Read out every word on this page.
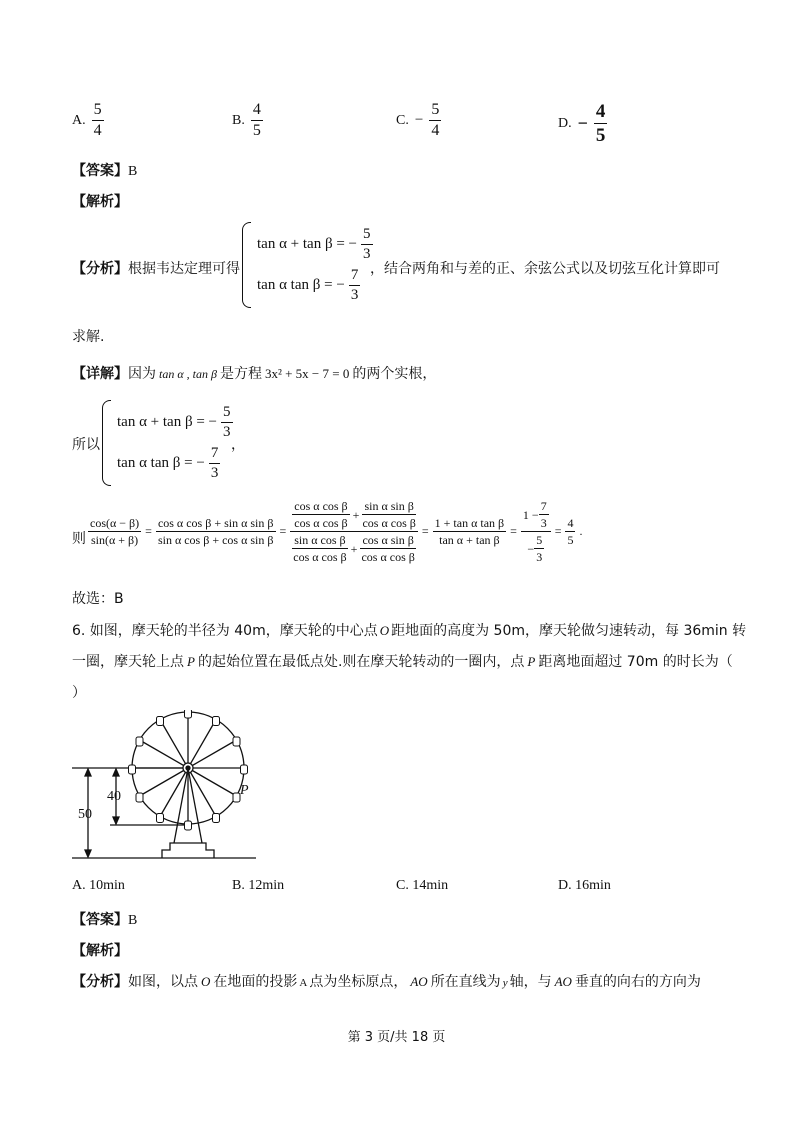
A. $\frac{5}{4}$	B. $\frac{4}{5}$	C. − $\frac{5}{4}$	D. − $\frac{4}{5}$
【答案】B
【解析】
【分析】根据韦达定理可得
tan α + tan β = − $\frac{5}{3}$
tan α tan β = − $\frac{7}{3}$ ，结合两角和与差的正、余弦公式以及切弦互化计算即可
求解.
【详解】因为 tan α , tan β 是方程 3x² + 5x − 7 = 0 的两个实根，
所以
tan α + tan β = − $\frac{5}{3}$
tan α tan β = − $\frac{7}{3}$
，
则 $\frac{\cos(\alpha - \beta)}{\sin(\alpha + \beta)} = \frac{\text{cos α cos β + sin α sin β}}{\text{sin α cos β + cos α sin β}} = \frac{\frac{\text{cos α cos β}}{\text{cos α cos β}} + \frac{\text{sin α sin β}}{\text{cos α cos β}}}{\frac{\text{sin α cos β}}{\text{cos α cos β}} + \frac{\text{cos α sin β}}{\text{cos α cos β}}} = \frac{\text{1 + tan α tan β}}{\text{tan α + tan β}} = \frac{1 - \frac{7}{3}}{- \frac{5}{3}} = \frac{4}{5}$ .
故选：B
6. 如图，摩天轮的半径为 40m，摩天轮的中心点 O 距地面的高度为 50m，摩天轮做匀速转动，每 36min 转
一圈，摩天轮上点 P 的起始位置在最低点处.则在摩天轮转动的一圈内，点 P 距离地面超过 70m 的时长为（
）
50
40	P
A. 10min	B. 12min	C. 14min	D. 16min
【答案】B
【解析】
【分析】如图，以点 O 在地面的投影 A 点为坐标原点， AO 所在直线为 y 轴，与 AO 垂直的向右的方向为
第 3 页/共 18 页
